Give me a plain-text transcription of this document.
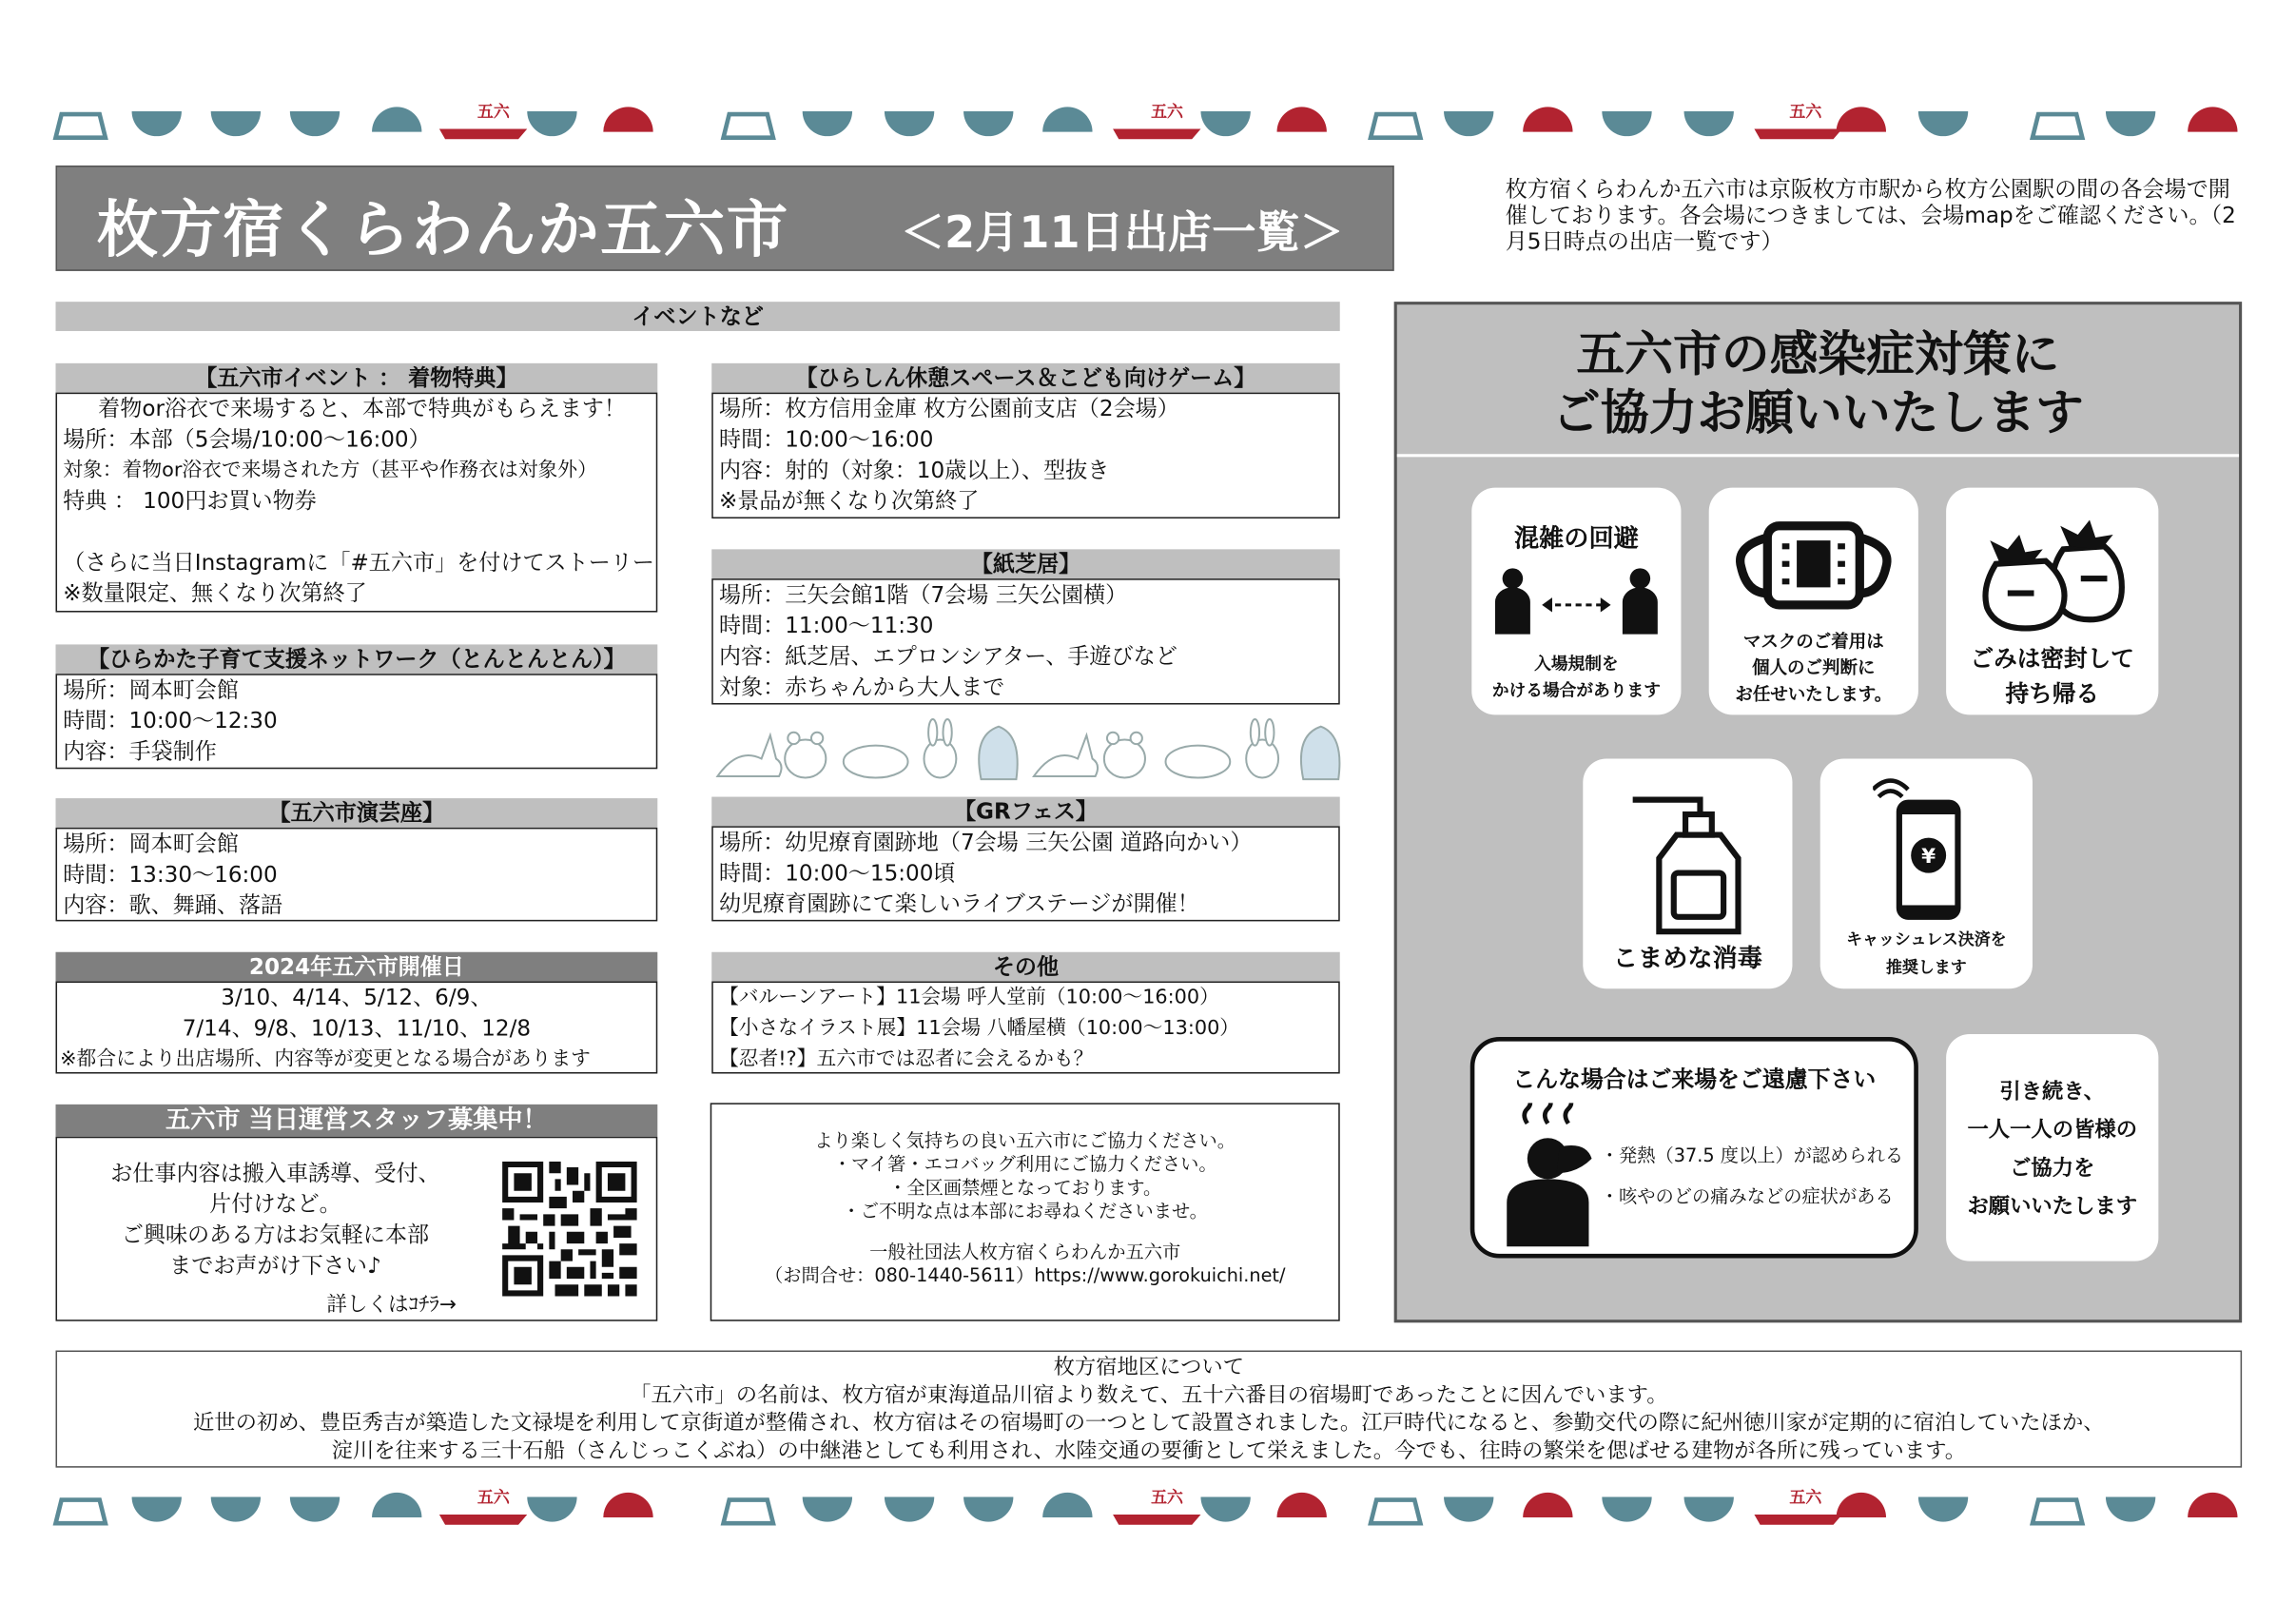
五六	五六	五六
枚方宿くらわんか五六市	＜2月11日出店一覧＞
枚方宿くらわんか五六市は京阪枚方市駅から枚方公園駅の間の各会場で開催しております。各会場につきましては、会場mapをご確認ください。（2月5日時点の出店一覧です）
イベントなど
【五六市イベント ： 着物特典】
着物or浴衣で来場すると、本部で特典がもらえます！
場所：本部（5会場/10:00～16:00）
対象：着物or浴衣で来場された方（甚平や作務衣は対象外）
特典 ： 100円お買い物券
（さらに当日Instagramに「#五六市」を付けてストーリー
※数量限定、無くなり次第終了
【ひらかた子育て支援ネットワーク（とんとんとん）】
場所：岡本町会館
時間：10:00～12:30
内容：手袋制作
【五六市演芸座】
場所：岡本町会館
時間：13:30～16:00
内容：歌、舞踊、落語
2024年五六市開催日
3/10、4/14、5/12、6/9、
7/14、9/8、10/13、11/10、12/8
※都合により出店場所、内容等が変更となる場合があります
五六市 当日運営スタッフ募集中！
お仕事内容は搬入車誘導、受付、
片付けなど。
ご興味のある方はお気軽に本部
までお声がけ下さい♪
詳しくはｺﾁﾗ→
【ひらしん休憩スペース＆こども向けゲーム】
場所：枚方信用金庫 枚方公園前支店（2会場）
時間：10:00～16:00
内容：射的（対象：10歳以上）、型抜き
※景品が無くなり次第終了
【紙芝居】
場所：三矢会館1階（7会場 三矢公園横）
時間：11:00～11:30
内容：紙芝居、エプロンシアター、手遊びなど
対象：赤ちゃんから大人まで
【GRフェス】
場所：幼児療育園跡地（7会場 三矢公園 道路向かい）
時間：10:00～15:00頃
幼児療育園跡にて楽しいライブステージが開催！
その他
【バルーンアート】11会場 呼人堂前（10:00～16:00）
【小さなイラスト展】11会場 八幡屋横（10:00～13:00）
【忍者!?】五六市では忍者に会えるかも？
より楽しく気持ちの良い五六市にご協力ください。
・マイ箸・エコバッグ利用にご協力ください。
・全区画禁煙となっております。
・ご不明な点は本部にお尋ねくださいませ。
一般社団法人枚方宿くらわんか五六市
（お問合せ：080-1440-5611）https://www.gorokuichi.net/
五六市の感染症対策に
ご協力お願いいたします
混雑の回避
入場規制を
かける場合があります
マスクのご着用は
個人のご判断に
お任せいたします。
ごみは密封して
持ち帰る
こまめな消毒
¥
キャッシュレス決済を
推奨します
こんな場合はご来場をご遠慮下さい
・発熱（37.5 度以上）が認められる
・咳やのどの痛みなどの症状がある
引き続き、
一人一人の皆様の
ご協力を
お願いいたします
枚方宿地区について
「五六市」の名前は、枚方宿が東海道品川宿より数えて、五十六番目の宿場町であったことに因んでいます。
近世の初め、豊臣秀吉が築造した文禄堤を利用して京街道が整備され、枚方宿はその宿場町の一つとして設置されました。江戸時代になると、参勤交代の際に紀州徳川家が定期的に宿泊していたほか、
淀川を往来する三十石船（さんじっこくぶね）の中継港としても利用され、水陸交通の要衝として栄えました。今でも、往時の繁栄を偲ばせる建物が各所に残っています。
五六	五六	五六
